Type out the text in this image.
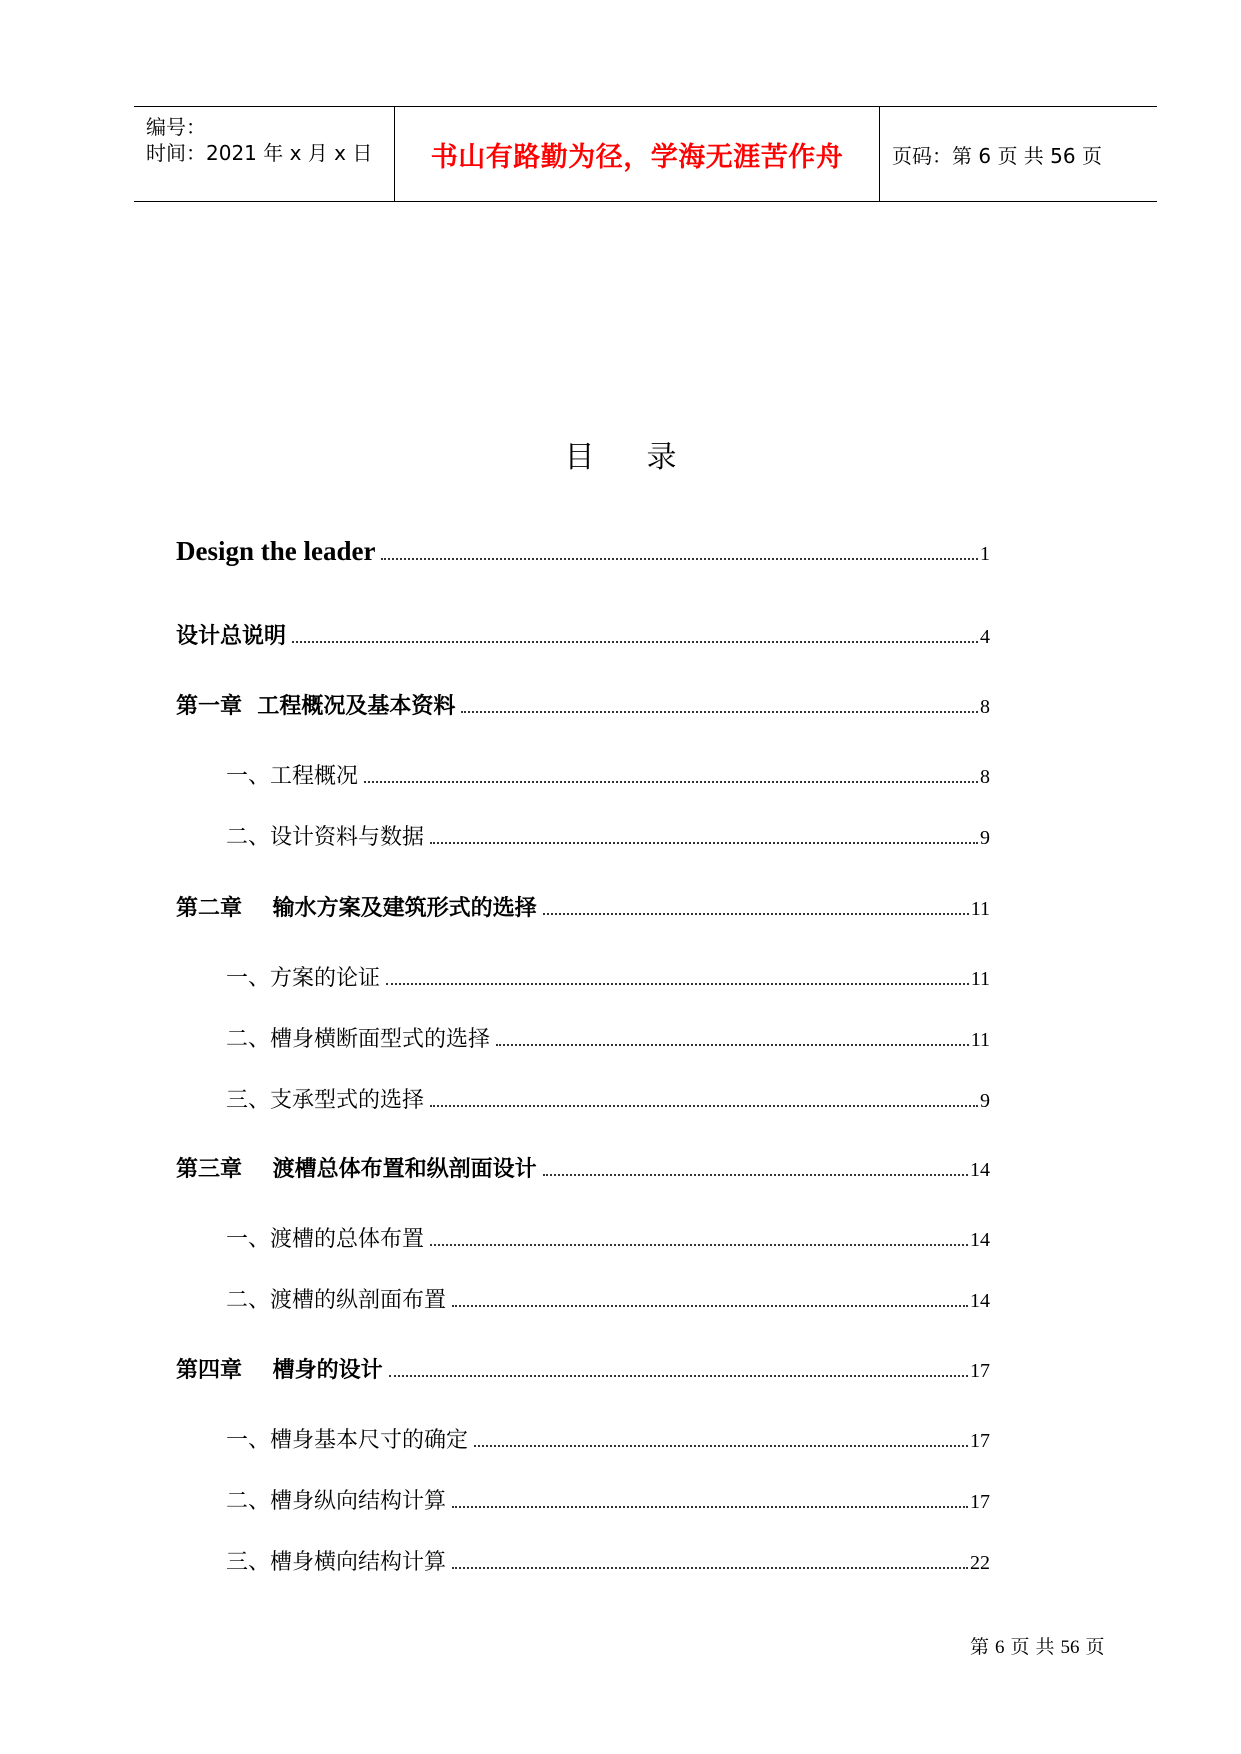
编号：
时间：2021 年 x 月 x 日 书山有路勤为径，学海无涯苦作舟 页码：第 6 页 共 56 页
目录
Design the leader	1
设计总说明	4
第一章  工程概况及基本资料	8
一、工程概况	8
二、设计资料与数据	9
第二章    输水方案及建筑形式的选择	11
一、方案的论证	11
二、槽身横断面型式的选择	11
三、支承型式的选择	9
第三章    渡槽总体布置和纵剖面设计	14
一、渡槽的总体布置	14
二、渡槽的纵剖面布置	14
第四章    槽身的设计	17
一、槽身基本尺寸的确定	17
二、槽身纵向结构计算	17
三、槽身横向结构计算	22
第 6 页 共 56 页
